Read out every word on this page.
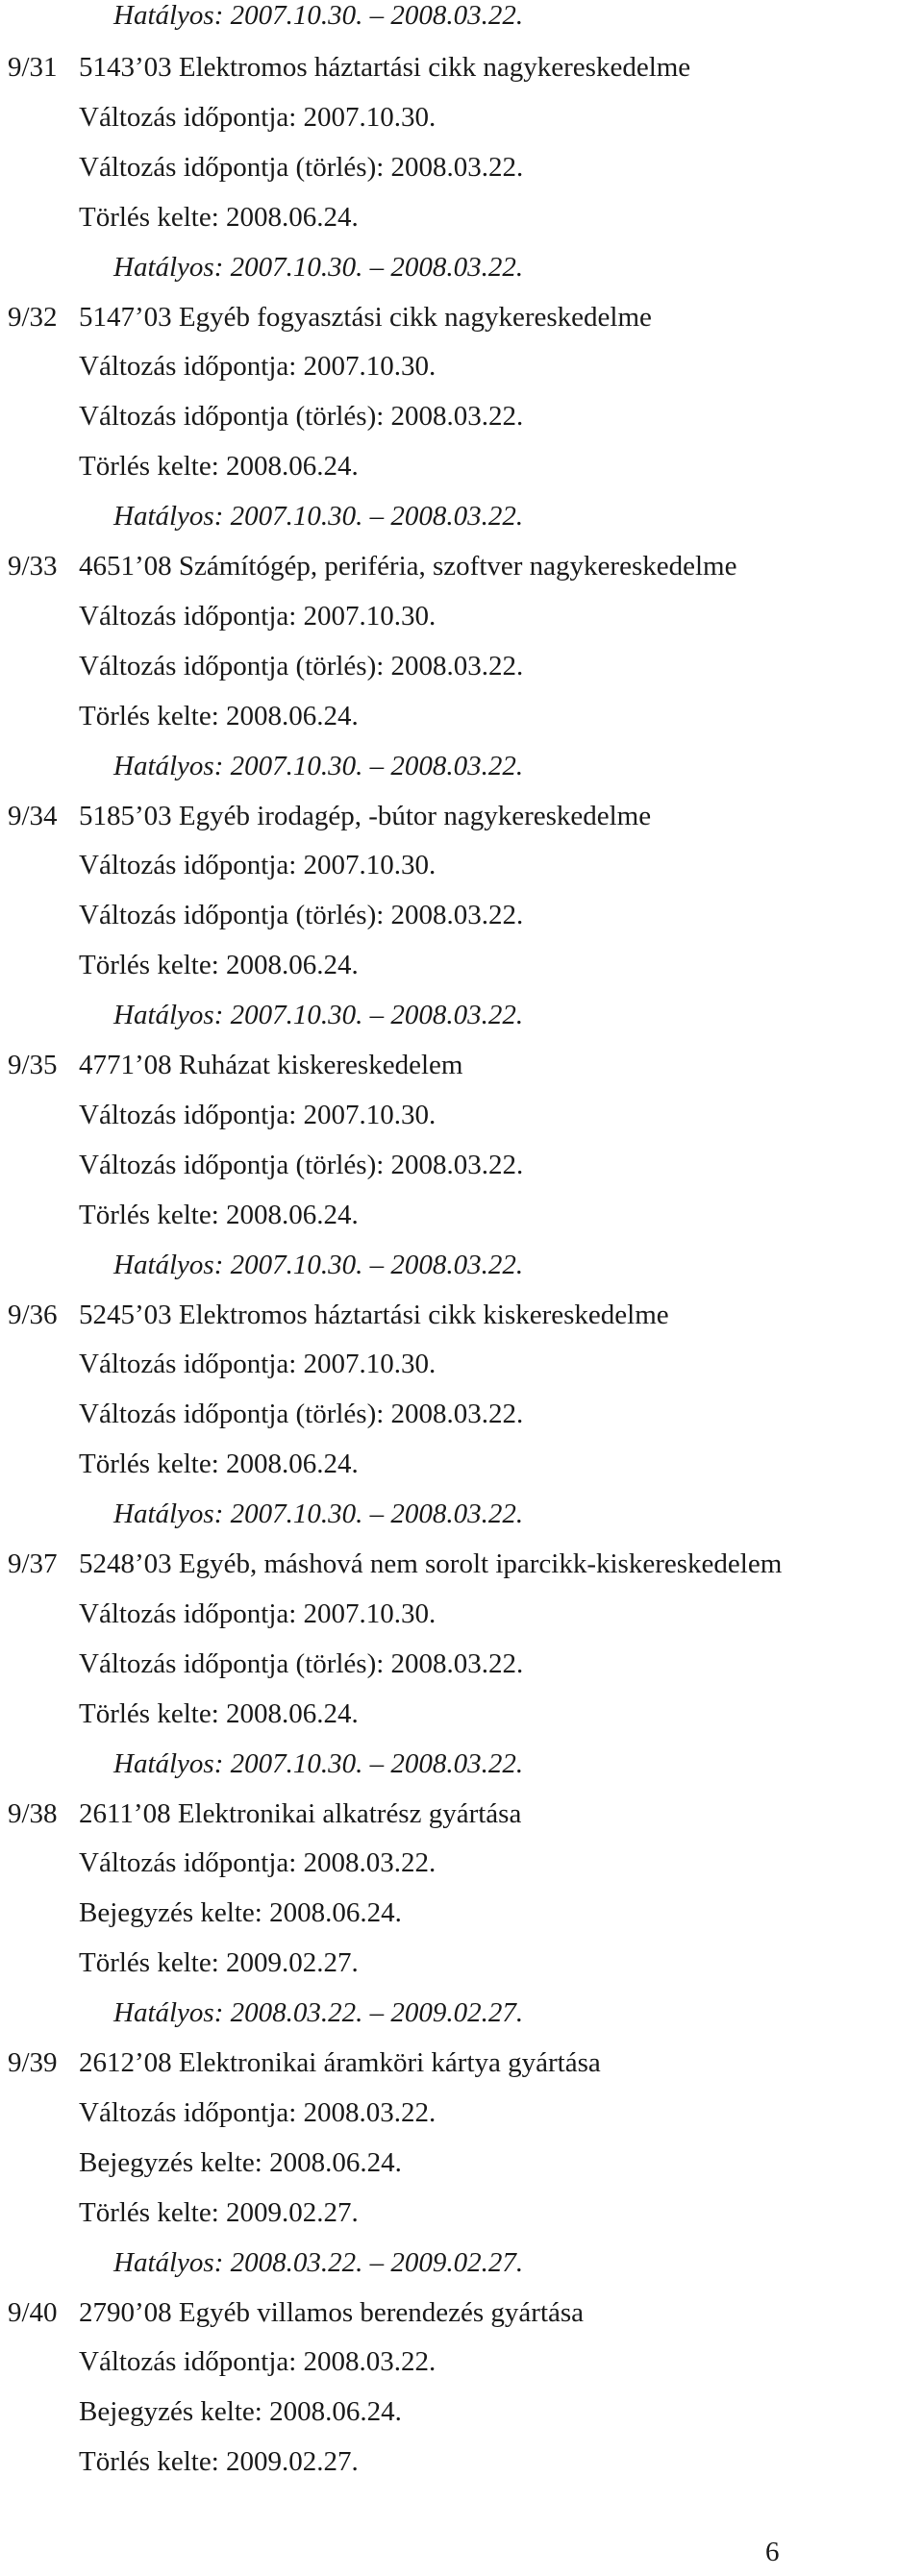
Hatályos: 2007.10.30. – 2008.03.22.
9/31 5143’03 Elektromos háztartási cikk nagykereskedelme
Változás időpontja: 2007.10.30.
Változás időpontja (törlés): 2008.03.22.
Törlés kelte: 2008.06.24.
Hatályos: 2007.10.30. – 2008.03.22.
9/32 5147’03 Egyéb fogyasztási cikk nagykereskedelme
Változás időpontja: 2007.10.30.
Változás időpontja (törlés): 2008.03.22.
Törlés kelte: 2008.06.24.
Hatályos: 2007.10.30. – 2008.03.22.
9/33 4651’08 Számítógép, periféria, szoftver nagykereskedelme
Változás időpontja: 2007.10.30.
Változás időpontja (törlés): 2008.03.22.
Törlés kelte: 2008.06.24.
Hatályos: 2007.10.30. – 2008.03.22.
9/34 5185’03 Egyéb irodagép, -bútor nagykereskedelme
Változás időpontja: 2007.10.30.
Változás időpontja (törlés): 2008.03.22.
Törlés kelte: 2008.06.24.
Hatályos: 2007.10.30. – 2008.03.22.
9/35 4771’08 Ruházat kiskereskedelem
Változás időpontja: 2007.10.30.
Változás időpontja (törlés): 2008.03.22.
Törlés kelte: 2008.06.24.
Hatályos: 2007.10.30. – 2008.03.22.
9/36 5245’03 Elektromos háztartási cikk kiskereskedelme
Változás időpontja: 2007.10.30.
Változás időpontja (törlés): 2008.03.22.
Törlés kelte: 2008.06.24.
Hatályos: 2007.10.30. – 2008.03.22.
9/37 5248’03 Egyéb, máshová nem sorolt iparcikk-kiskereskedelem
Változás időpontja: 2007.10.30.
Változás időpontja (törlés): 2008.03.22.
Törlés kelte: 2008.06.24.
Hatályos: 2007.10.30. – 2008.03.22.
9/38 2611’08 Elektronikai alkatrész gyártása
Változás időpontja: 2008.03.22.
Bejegyzés kelte: 2008.06.24.
Törlés kelte: 2009.02.27.
Hatályos: 2008.03.22. – 2009.02.27.
9/39 2612’08 Elektronikai áramköri kártya gyártása
Változás időpontja: 2008.03.22.
Bejegyzés kelte: 2008.06.24.
Törlés kelte: 2009.02.27.
Hatályos: 2008.03.22. – 2009.02.27.
9/40 2790’08 Egyéb villamos berendezés gyártása
Változás időpontja: 2008.03.22.
Bejegyzés kelte: 2008.06.24.
Törlés kelte: 2009.02.27.
6
